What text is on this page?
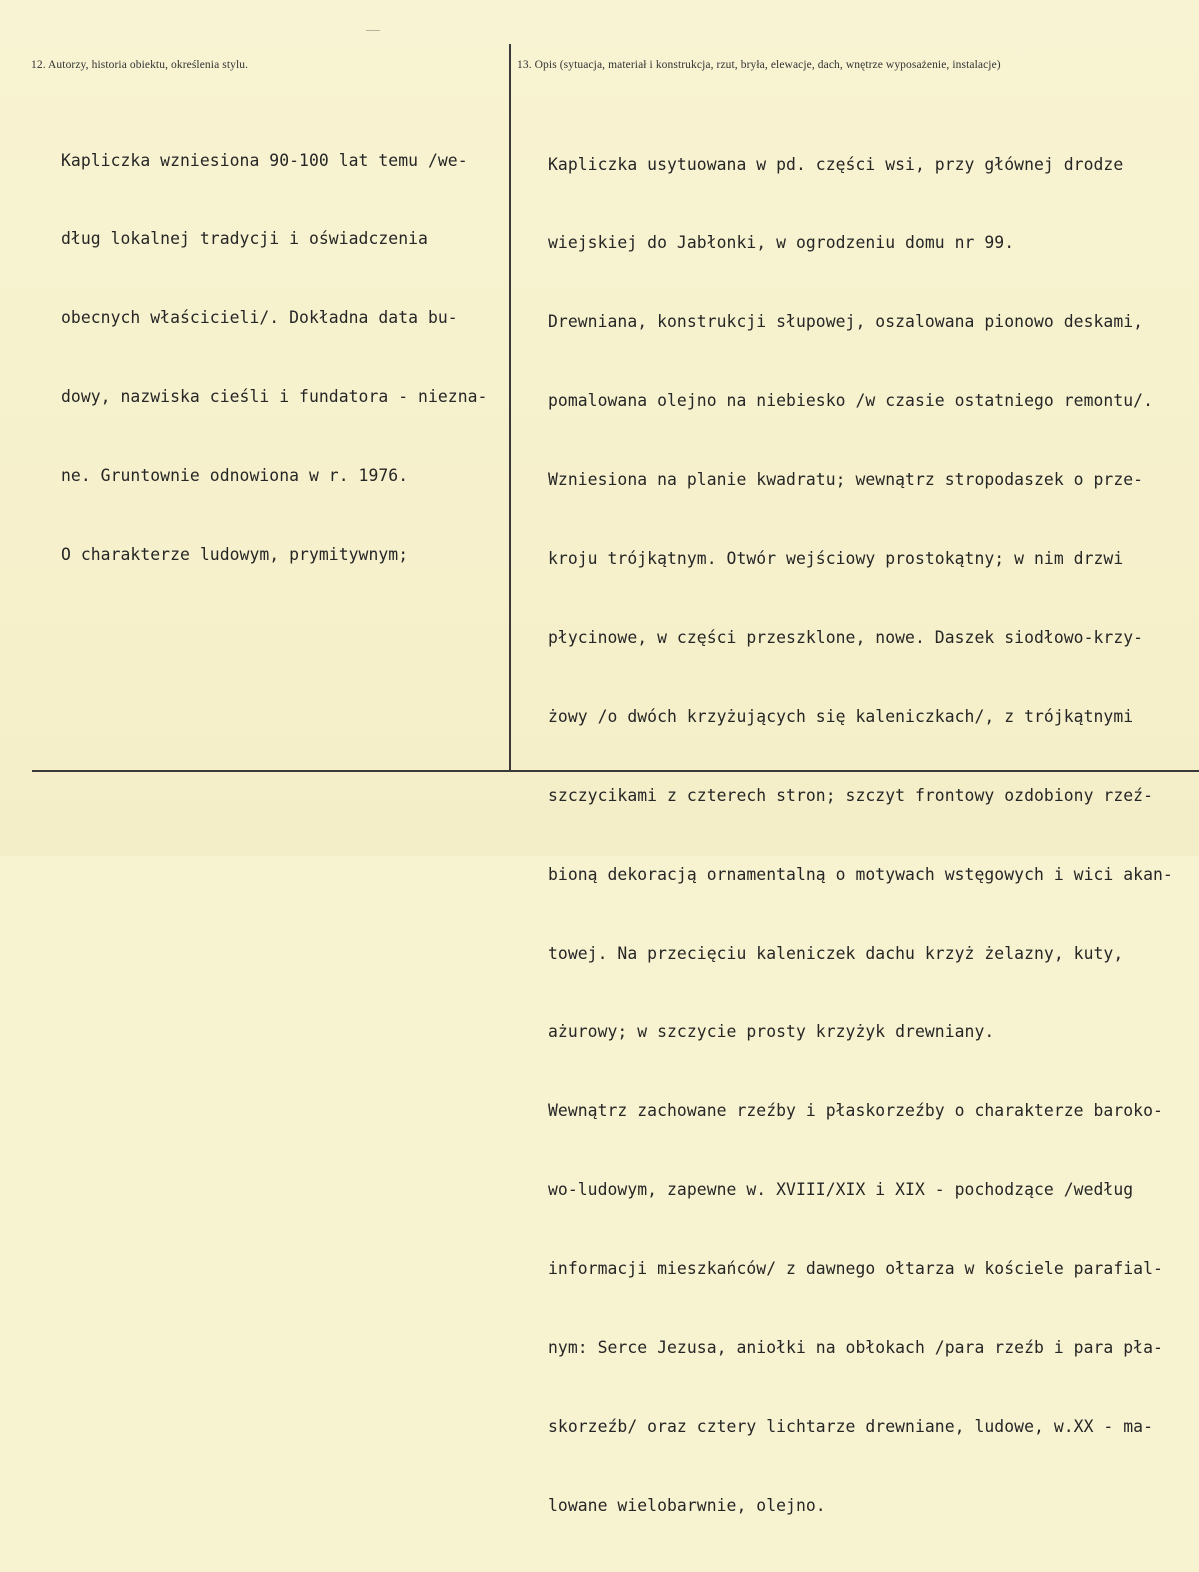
12. Autorzy, historia obiektu, określenia stylu.	13. Opis (sytuacja, materiał i konstrukcja, rzut, bryła, elewacje, dach, wnętrze wyposażenie, instalacje)

Kapliczka wzniesiona 90-100 lat temu /we-

dług lokalnej tradycji i oświadczenia

obecnych właścicieli/. Dokładna data bu-

dowy, nazwiska cieśli i fundatora - niezna-

ne. Gruntownie odnowiona w r. 1976.

O charakterze ludowym, prymitywnym;

Kapliczka usytuowana w pd. części wsi, przy głównej drodze

wiejskiej do Jabłonki, w ogrodzeniu domu nr 99.

Drewniana, konstrukcji słupowej, oszalowana pionowo deskami,

pomalowana olejno na niebiesko /w czasie ostatniego remontu/.

Wzniesiona na planie kwadratu; wewnątrz stropodaszek o prze-

kroju trójkątnym. Otwór wejściowy prostokątny; w nim drzwi

płycinowe, w części przeszklone, nowe. Daszek siodłowo-krzy-

żowy /o dwóch krzyżujących się kaleniczkach/, z trójkątnymi

szczycikami z czterech stron; szczyt frontowy ozdobiony rzeź-

bioną dekoracją ornamentalną o motywach wstęgowych i wici akan-

towej. Na przecięciu kaleniczek dachu krzyż żelazny, kuty,

ażurowy; w szczycie prosty krzyżyk drewniany.

Wewnątrz zachowane rzeźby i płaskorzeźby o charakterze baroko-

wo-ludowym, zapewne w. XVIII/XIX i XIX - pochodzące /według

informacji mieszkańców/ z dawnego ołtarza w kościele parafial-

nym: Serce Jezusa, aniołki na obłokach /para rzeźb i para pła-

skorzeźb/ oraz cztery lichtarze drewniane, ludowe, w.XX - ma-

lowane wielobarwnie, olejno.
